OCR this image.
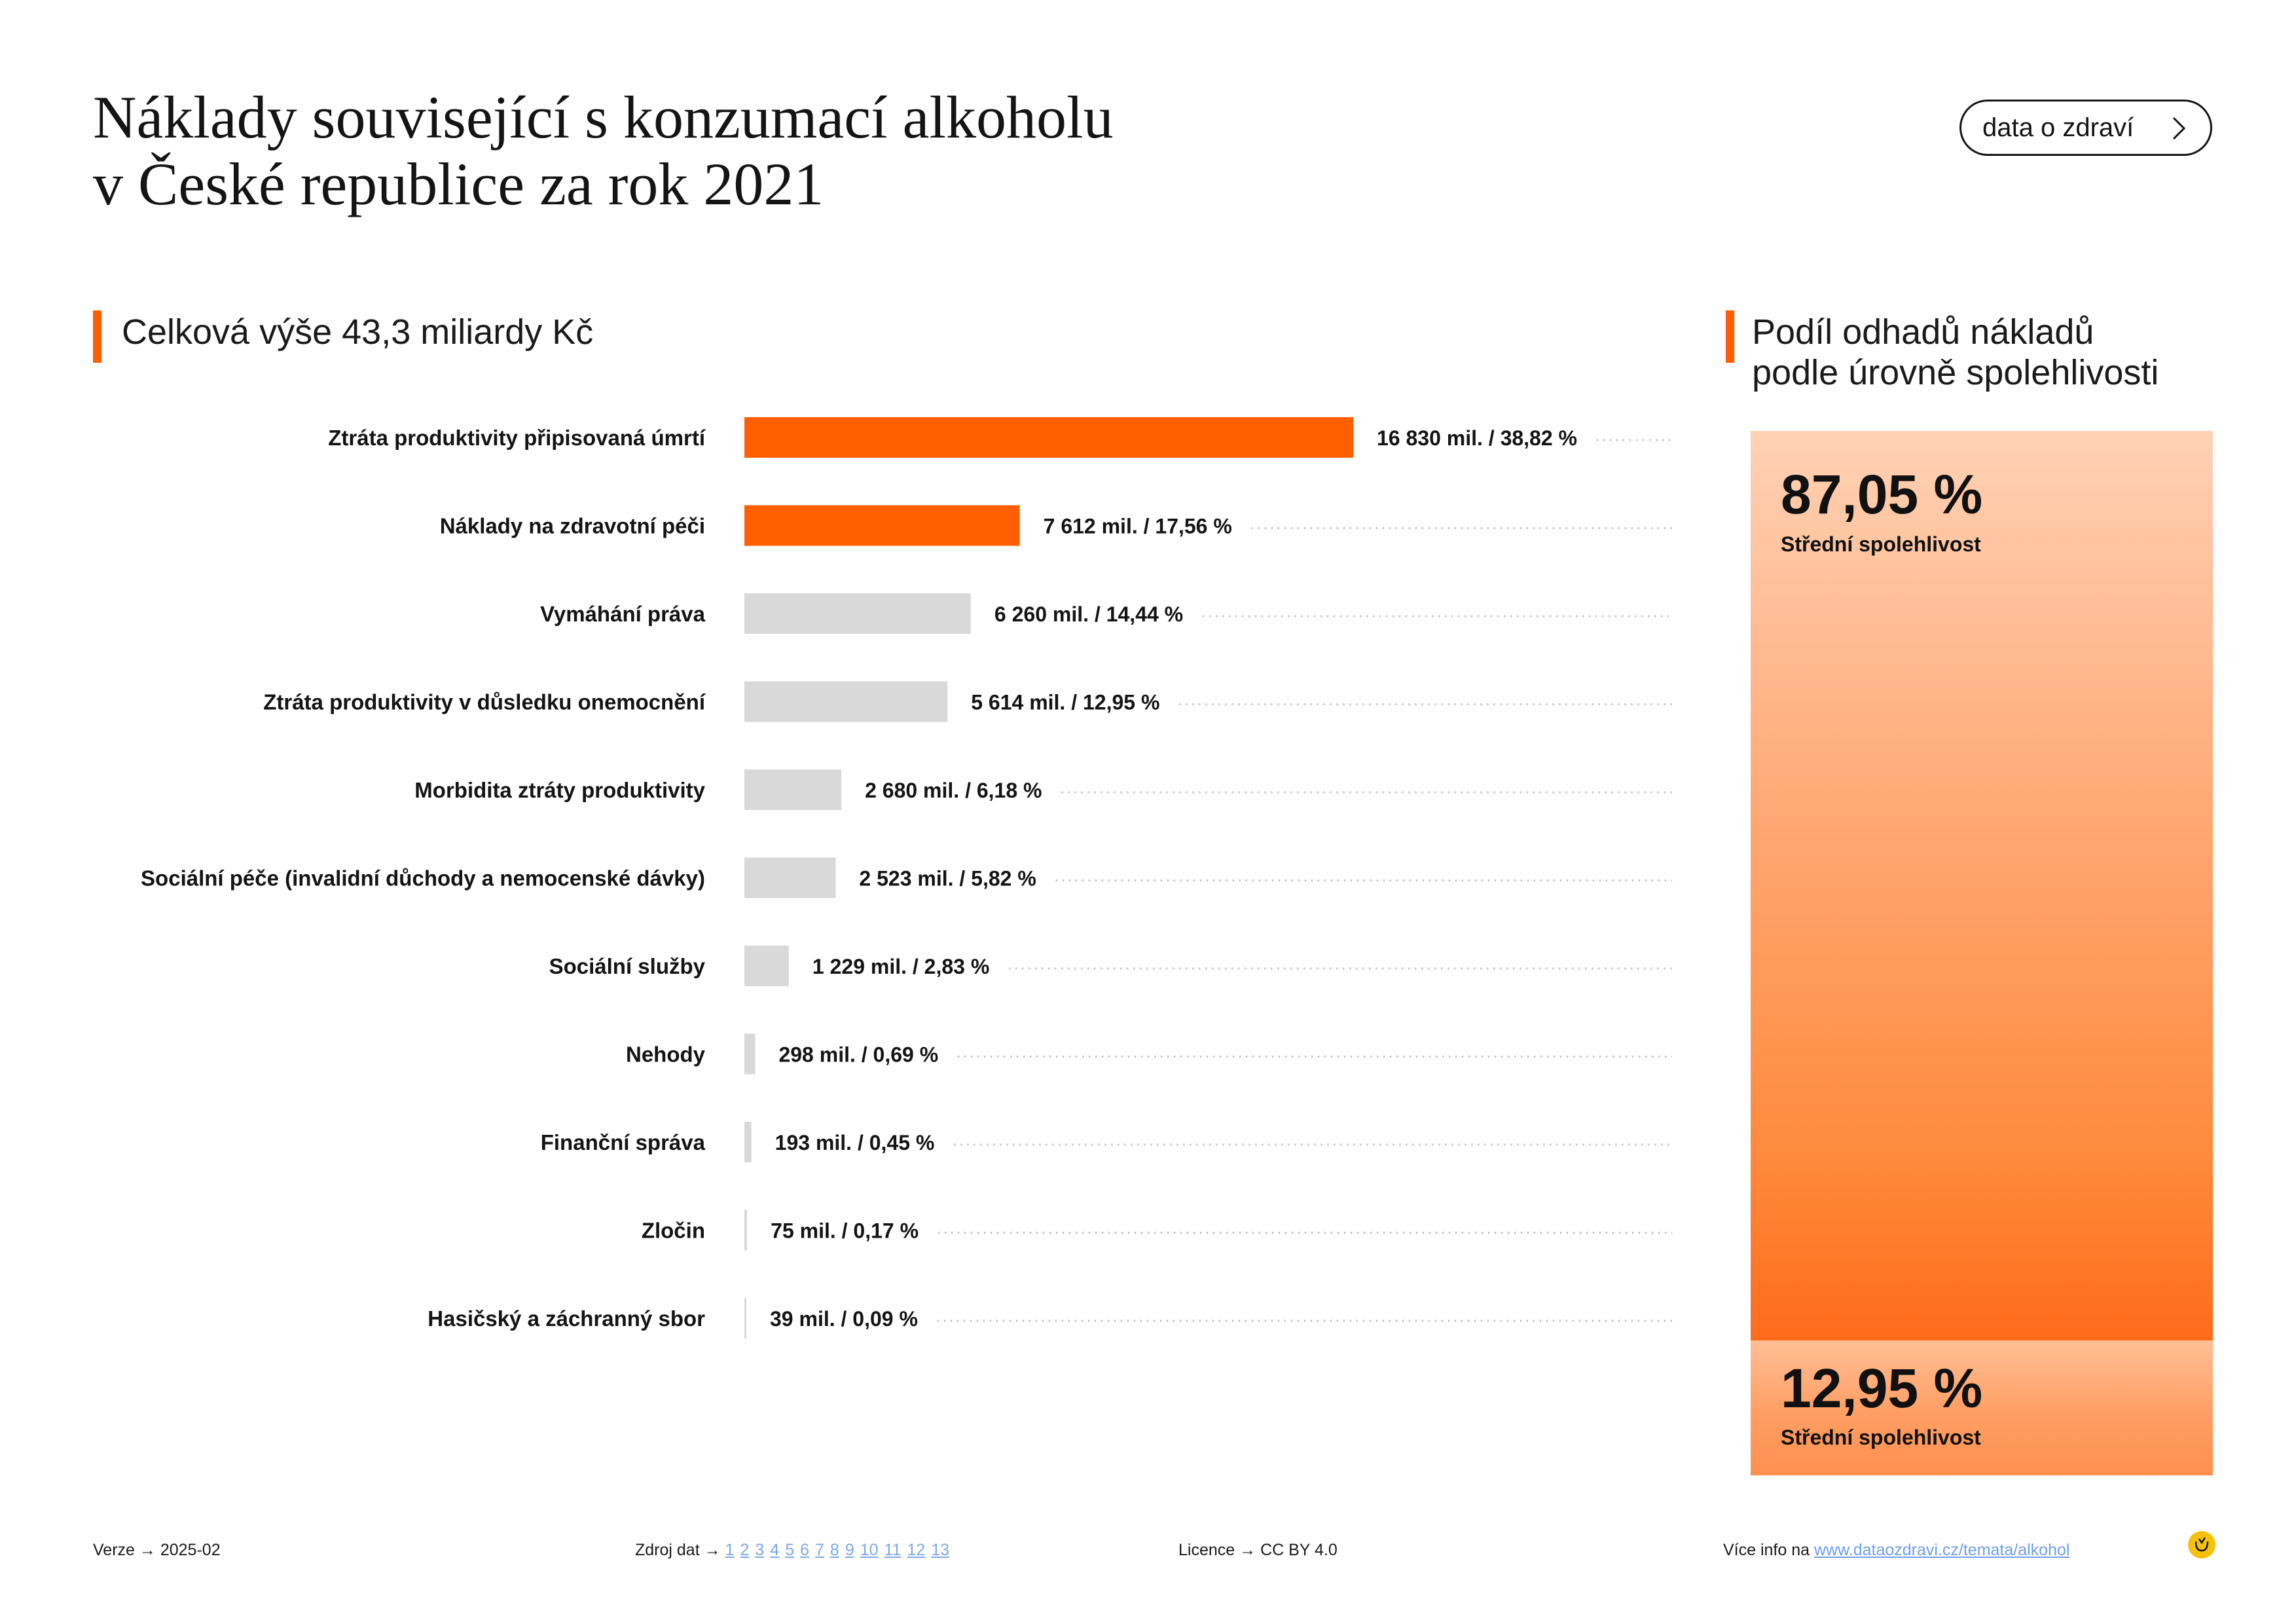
Náklady související s konzumací alkoholu
v České republice za rok 2021
data o zdraví
Celková výše 43,3 miliardy Kč	Podíl odhadů nákladů
podle úrovně spolehlivosti
Ztráta produktivity připisovaná úmrtí	16 830 mil. / 38,82 %
Náklady na zdravotní péči	7 612 mil. / 17,56 %
Vymáhání práva	6 260 mil. / 14,44 %
Ztráta produktivity v důsledku onemocnění	5 614 mil. / 12,95 %
Morbidita ztráty produktivity	2 680 mil. / 6,18 %
Sociální péče (invalidní důchody a nemocenské dávky)	2 523 mil. / 5,82 %
Sociální služby	1 229 mil. / 2,83 %
Nehody	298 mil. / 0,69 %
Finanční správa	193 mil. / 0,45 %
Zločin	75 mil. / 0,17 %
Hasičský a záchranný sbor	39 mil. / 0,09 %
87,05 %
Střední spolehlivost
12,95 %
Střední spolehlivost
Verze → 2025-02	Zdroj dat → 1 2 3 4 5 6 7 8 9 10 11 12 13	Licence → CC BY 4.0	Více info na www.dataozdravi.cz/temata/alkohol
